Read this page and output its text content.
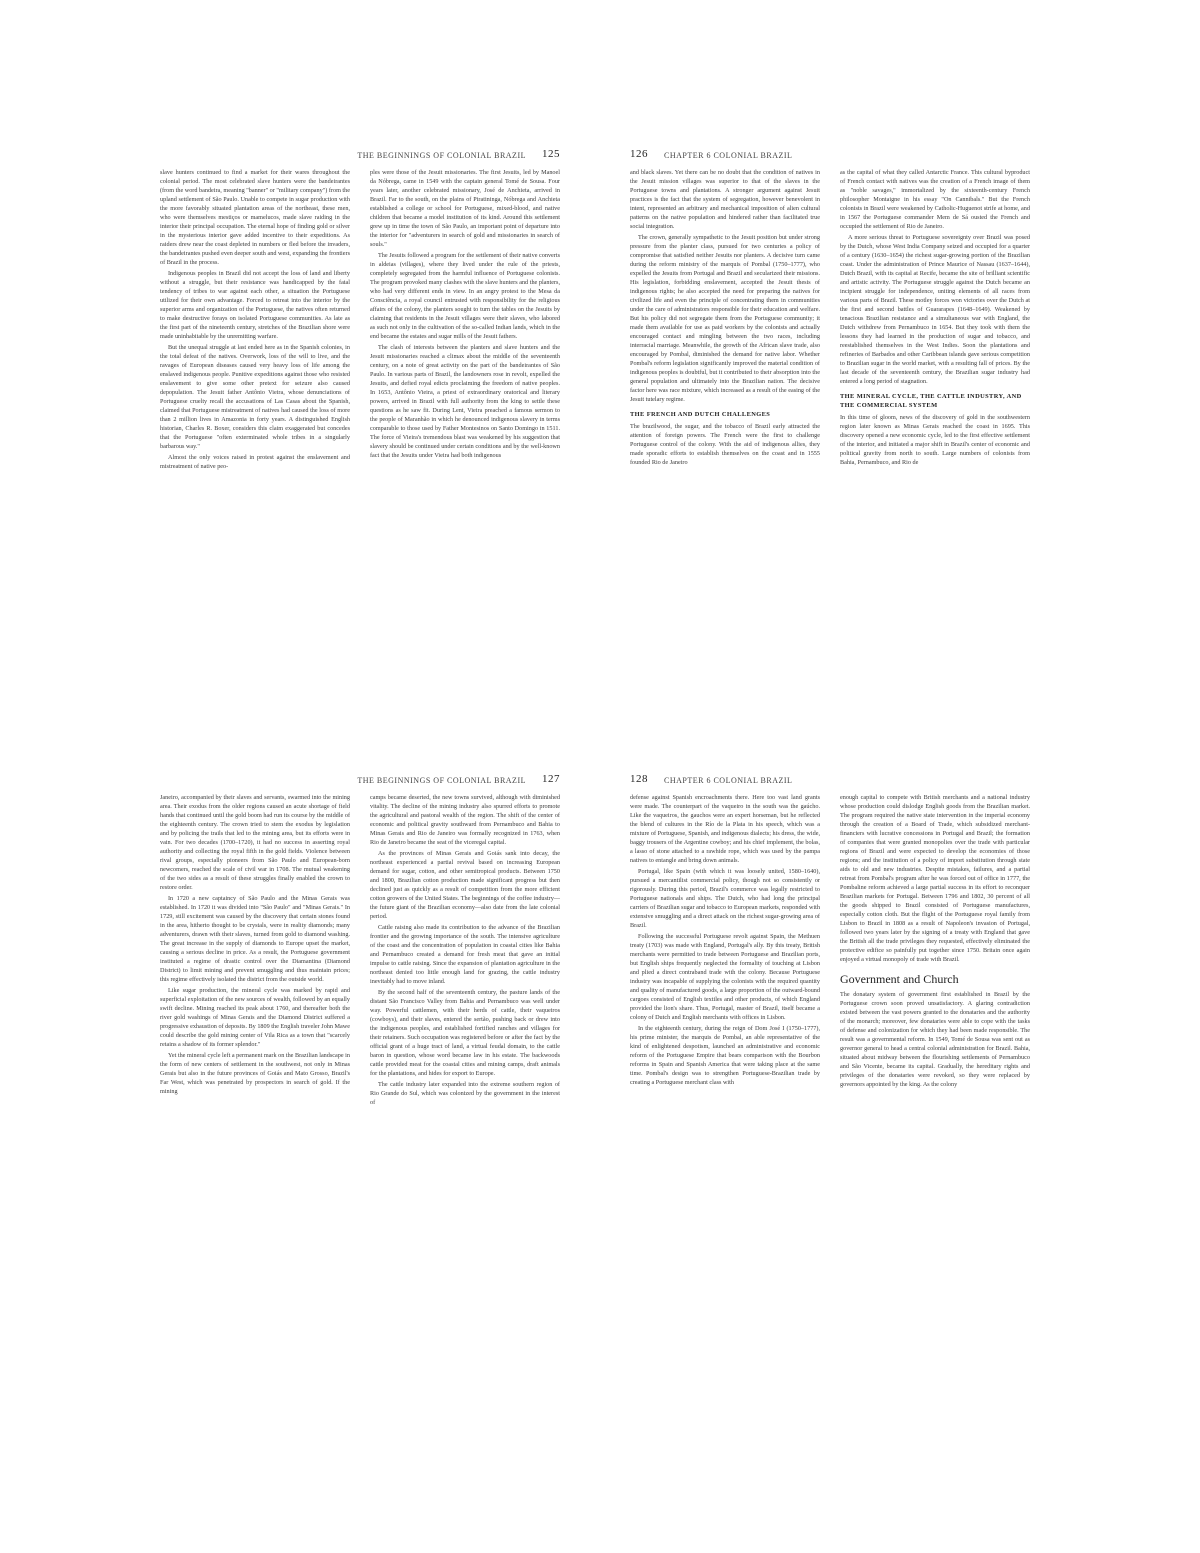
THE BEGINNINGS OF COLONIAL BRAZIL 125

slave hunters continued to find a market for their wares throughout the colonial period. The most celebrated slave hunters were the bandeirantes (from the word bandeira, meaning "banner" or "military company") from the upland settlement of São Paulo. Unable to compete in sugar production with the more favorably situated plantation areas of the northeast, these men, who were themselves mestiços or mamelucos, made slave raiding in the interior their principal occupation. The eternal hope of finding gold or silver in the mysterious interior gave added incentive to their expeditions. As raiders drew near the coast depleted in numbers or fled before the invaders, the bandeirantes pushed even deeper south and west, expanding the frontiers of Brazil in the process.

Indigenous peoples in Brazil did not accept the loss of land and liberty without a struggle, but their resistance was handicapped by the fatal tendency of tribes to war against each other, a situation the Portuguese utilized for their own advantage. Forced to retreat into the interior by the superior arms and organization of the Portuguese, the natives often returned to make destructive forays on isolated Portuguese communities. As late as the first part of the nineteenth century, stretches of the Brazilian shore were made uninhabitable by the unremitting warfare.

But the unequal struggle at last ended here as in the Spanish colonies, in the total defeat of the natives. Overwork, loss of the will to live, and the ravages of European diseases caused very heavy loss of life among the enslaved indigenous people. Punitive expeditions against those who resisted enslavement to give some other pretext for seizure also caused depopulation. The Jesuit father Antônio Vieira, whose denunciations of Portuguese cruelty recall the accusations of Las Casas about the Spanish, claimed that Portuguese mistreatment of natives had caused the loss of more than 2 million lives in Amazonia in forty years. A distinguished English historian, Charles R. Boxer, considers this claim exaggerated but concedes that the Portuguese "often exterminated whole tribes in a singularly barbarous way."

Almost the only voices raised in protest against the enslavement and mistreatment of native peo-

ples were those of the Jesuit missionaries. The first Jesuits, led by Manoel da Nóbrega, came in 1549 with the captain general Tomé de Sousa. Four years later, another celebrated missionary, José de Anchieta, arrived in Brazil. Far to the south, on the plains of Piratininga, Nóbrega and Anchieta established a college or school for Portuguese, mixed-blood, and native children that became a model institution of its kind. Around this settlement grew up in time the town of São Paulo, an important point of departure into the interior for "adventurers in search of gold and missionaries in search of souls."

The Jesuits followed a program for the settlement of their native converts in aldeias (villages), where they lived under the rule of the priests, completely segregated from the harmful influence of Portuguese colonists. The program provoked many clashes with the slave hunters and the planters, who had very different ends in view. In an angry protest to the Mesa da Consciência, a royal council entrusted with responsibility for the religious affairs of the colony, the planters sought to turn the tables on the Jesuits by claiming that residents in the Jesuit villages were their slaves, who labored as such not only in the cultivation of the so-called Indian lands, which in the end became the estates and sugar mills of the Jesuit fathers.

The clash of interests between the planters and slave hunters and the Jesuit missionaries reached a climax about the middle of the seventeenth century, on a note of great activity on the part of the bandeirantes of São Paulo. In various parts of Brazil, the landowners rose in revolt, expelled the Jesuits, and defied royal edicts proclaiming the freedom of native peoples. In 1653, Antônio Vieira, a priest of extraordinary oratorical and literary powers, arrived in Brazil with full authority from the king to settle these questions as he saw fit. During Lent, Vieira preached a famous sermon to the people of Maranhão in which he denounced indigenous slavery in terms comparable to those used by Father Montesinos on Santo Domingo in 1511. The force of Vieira's tremendous blast was weakened by his suggestion that slavery should be continued under certain conditions and by the well-known fact that the Jesuits under Vieira had both indigenous

126 CHAPTER 6 COLONIAL BRAZIL

and black slaves. Yet there can be no doubt that the condition of natives in the Jesuit mission villages was superior to that of the slaves in the Portuguese towns and plantations. A stronger argument against Jesuit practices is the fact that the system of segregation, however benevolent in intent, represented an arbitrary and mechanical imposition of alien cultural patterns on the native population and hindered rather than facilitated true social integration.

The crown, generally sympathetic to the Jesuit position but under strong pressure from the planter class, pursued for two centuries a policy of compromise that satisfied neither Jesuits nor planters. A decisive turn came during the reform ministry of the marquis of Pombal (1750–1777), who expelled the Jesuits from Portugal and Brazil and secularized their missions. His legislation, forbidding enslavement, accepted the Jesuit thesis of indigenous rights; he also accepted the need for preparing the natives for civilized life and even the principle of concentrating them in communities under the care of administrators responsible for their education and welfare. But his policy did not segregate them from the Portuguese community; it made them available for use as paid workers by the colonists and actually encouraged contact and mingling between the two races, including interracial marriage. Meanwhile, the growth of the African slave trade, also encouraged by Pombal, diminished the demand for native labor. Whether Pombal's reform legislation significantly improved the material condition of indigenous peoples is doubtful, but it contributed to their absorption into the general population and ultimately into the Brazilian nation. The decisive factor here was race mixture, which increased as a result of the easing of the Jesuit tutelary regime.

THE FRENCH AND DUTCH CHALLENGES

The brazilwood, the sugar, and the tobacco of Brazil early attracted the attention of foreign powers. The French were the first to challenge Portuguese control of the colony. With the aid of indigenous allies, they made sporadic efforts to establish themselves on the coast and in 1555 founded Rio de Janeiro

as the capital of what they called Antarctic France. This cultural byproduct of French contact with natives was the creation of a French image of them as "noble savages," immortalized by the sixteenth-century French philosopher Montaigne in his essay "On Cannibals." But the French colonists in Brazil were weakened by Catholic-Huguenot strife at home, and in 1567 the Portuguese commander Mem de Sá ousted the French and occupied the settlement of Rio de Janeiro.

A more serious threat to Portuguese sovereignty over Brazil was posed by the Dutch, whose West India Company seized and occupied for a quarter of a century (1630–1654) the richest sugar-growing portion of the Brazilian coast. Under the administration of Prince Maurice of Nassau (1637–1644), Dutch Brazil, with its capital at Recife, became the site of brilliant scientific and artistic activity. The Portuguese struggle against the Dutch became an incipient struggle for independence, uniting elements of all races from various parts of Brazil. These motley forces won victories over the Dutch at the first and second battles of Guararapes (1648–1649). Weakened by tenacious Brazilian resistance and a simultaneous war with England, the Dutch withdrew from Pernambuco in 1654. But they took with them the lessons they had learned in the production of sugar and tobacco, and reestablished themselves in the West Indies. Soon the plantations and refineries of Barbados and other Caribbean islands gave serious competition to Brazilian sugar in the world market, with a resulting fall of prices. By the last decade of the seventeenth century, the Brazilian sugar industry had entered a long period of stagnation.

THE MINERAL CYCLE, THE CATTLE INDUSTRY, AND THE COMMERCIAL SYSTEM

In this time of gloom, news of the discovery of gold in the southwestern region later known as Minas Gerais reached the coast in 1695. This discovery opened a new economic cycle, led to the first effective settlement of the interior, and initiated a major shift in Brazil's center of economic and political gravity from north to south. Large numbers of colonists from Bahia, Pernambuco, and Rio de

THE BEGINNINGS OF COLONIAL BRAZIL 127

Janeiro, accompanied by their slaves and servants, swarmed into the mining area. Their exodus from the older regions caused an acute shortage of field hands that continued until the gold boom had run its course by the middle of the eighteenth century. The crown tried to stem the exodus by legislation and by policing the trails that led to the mining area, but its efforts were in vain. For two decades (1700–1720), it had no success in asserting royal authority and collecting the royal fifth in the gold fields. Violence between rival groups, especially pioneers from São Paulo and European-born newcomers, reached the scale of civil war in 1708. The mutual weakening of the two sides as a result of these struggles finally enabled the crown to restore order.

In 1720 a new captaincy of São Paulo and the Minas Gerais was established. In 1720 it was divided into "São Paulo" and "Minas Gerais." In 1729, still excitement was caused by the discovery that certain stones found in the area, hitherto thought to be crystals, were in reality diamonds; many adventurers, drawn with their slaves, turned from gold to diamond washing. The great increase in the supply of diamonds to Europe upset the market, causing a serious decline in price. As a result, the Portuguese government instituted a regime of drastic control over the Diamantina (Diamond District) to limit mining and prevent smuggling and thus maintain prices; this regime effectively isolated the district from the outside world.

Like sugar production, the mineral cycle was marked by rapid and superficial exploitation of the new sources of wealth, followed by an equally swift decline. Mining reached its peak about 1760, and thereafter both the river gold washings of Minas Gerais and the Diamond District suffered a progressive exhaustion of deposits. By 1809 the English traveler John Mawe could describe the gold mining center of Vila Rica as a town that "scarcely retains a shadow of its former splendor."

Yet the mineral cycle left a permanent mark on the Brazilian landscape in the form of new centers of settlement in the southwest, not only in Minas Gerais but also in the future provinces of Goiás and Mato Grosso, Brazil's Far West, which was penetrated by prospectors in search of gold. If the mining

camps became deserted, the new towns survived, although with diminished vitality. The decline of the mining industry also spurred efforts to promote the agricultural and pastoral wealth of the region. The shift of the center of economic and political gravity southward from Pernambuco and Bahia to Minas Gerais and Rio de Janeiro was formally recognized in 1763, when Rio de Janeiro became the seat of the viceregal capital.

As the provinces of Minas Gerais and Goiás sank into decay, the northeast experienced a partial revival based on increasing European demand for sugar, cotton, and other semitropical products. Between 1750 and 1800, Brazilian cotton production made significant progress but then declined just as quickly as a result of competition from the more efficient cotton growers of the United States. The beginnings of the coffee industry—the future giant of the Brazilian economy—also date from the late colonial period.

Cattle raising also made its contribution to the advance of the Brazilian frontier and the growing importance of the south. The intensive agriculture of the coast and the concentration of population in coastal cities like Bahia and Pernambuco created a demand for fresh meat that gave an initial impulse to cattle raising. Since the expansion of plantation agriculture in the northeast denied too little enough land for grazing, the cattle industry inevitably had to move inland.

By the second half of the seventeenth century, the pasture lands of the distant São Francisco Valley from Bahia and Pernambuco was well under way. Powerful cattlemen, with their herds of cattle, their vaqueiros (cowboys), and their slaves, entered the sertão, pushing back or drew into the indigenous peoples, and established fortified ranches and villages for their retainers. Such occupation was registered before or after the fact by the official grant of a huge tract of land, a virtual feudal domain, to the cattle baron in question, whose word became law in his estate. The backwoods cattle provided meat for the coastal cities and mining camps, draft animals for the plantations, and hides for export to Europe.

The cattle industry later expanded into the extreme southern region of Rio Grande do Sul, which was colonized by the government in the interest of

128 CHAPTER 6 COLONIAL BRAZIL

defense against Spanish encroachments there. Here too vast land grants were made. The counterpart of the vaqueiro in the south was the gaúcho. Like the vaqueiros, the gauchos were an expert horseman, but he reflected the blend of cultures in the Río de la Plata in his speech, which was a mixture of Portuguese, Spanish, and indigenous dialects; his dress, the wide, baggy trousers of the Argentine cowboy; and his chief implement, the bolas, a lasso of stone attached to a rawhide rope, which was used by the pampa natives to entangle and bring down animals.

Portugal, like Spain (with which it was loosely united, 1580–1640), pursued a mercantilist commercial policy, though not so consistently or rigorously. During this period, Brazil's commerce was legally restricted to Portuguese nationals and ships. The Dutch, who had long the principal carriers of Brazilian sugar and tobacco to European markets, responded with extensive smuggling and a direct attack on the richest sugar-growing area of Brazil.

Following the successful Portuguese revolt against Spain, the Methuen treaty (1703) was made with England, Portugal's ally. By this treaty, British merchants were permitted to trade between Portuguese and Brazilian ports, but English ships frequently neglected the formality of touching at Lisbon and plied a direct contraband trade with the colony. Because Portuguese industry was incapable of supplying the colonists with the required quantity and quality of manufactured goods, a large proportion of the outward-bound cargoes consisted of English textiles and other products, of which England provided the lion's share. Thus, Portugal, master of Brazil, itself became a colony of Dutch and English merchants with offices in Lisbon.

In the eighteenth century, during the reign of Dom José I (1750–1777), his prime minister, the marquis de Pombal, an able representative of the kind of enlightened despotism, launched an administrative and economic reform of the Portuguese Empire that bears comparison with the Bourbon reforms in Spain and Spanish America that were taking place at the same time. Pombal's design was to strengthen Portuguese-Brazilian trade by creating a Portuguese merchant class with

enough capital to compete with British merchants and a national industry whose production could dislodge English goods from the Brazilian market. The program required the native state intervention in the imperial economy through the creation of a Board of Trade, which subsidized merchant-financiers with lucrative concessions in Portugal and Brazil; the formation of companies that were granted monopolies over the trade with particular regions of Brazil and were expected to develop the economies of those regions; and the institution of a policy of import substitution through state aids to old and new industries. Despite mistakes, failures, and a partial retreat from Pombal's program after he was forced out of office in 1777, the Pombaline reform achieved a large partial success in its effort to reconquer Brazilian markets for Portugal. Between 1796 and 1802, 30 percent of all the goods shipped to Brazil consisted of Portuguese manufactures, especially cotton cloth. But the flight of the Portuguese royal family from Lisbon to Brazil in 1808 as a result of Napoleon's invasion of Portugal, followed two years later by the signing of a treaty with England that gave the British all the trade privileges they requested, effectively eliminated the protective edifice so painfully put together since 1750. Britain once again enjoyed a virtual monopoly of trade with Brazil.

Government and Church

The donatary system of government first established in Brazil by the Portuguese crown soon proved unsatisfactory. A glaring contradiction existed between the vast powers granted to the donataries and the authority of the monarch; moreover, few donataries were able to cope with the tasks of defense and colonization for which they had been made responsible. The result was a governmental reform. In 1549, Tomé de Sousa was sent out as governor general to head a central colonial administration for Brazil. Bahia, situated about midway between the flourishing settlements of Pernambuco and São Vicente, became its capital. Gradually, the hereditary rights and privileges of the donataries were revoked, so they were replaced by governors appointed by the king. As the colony
